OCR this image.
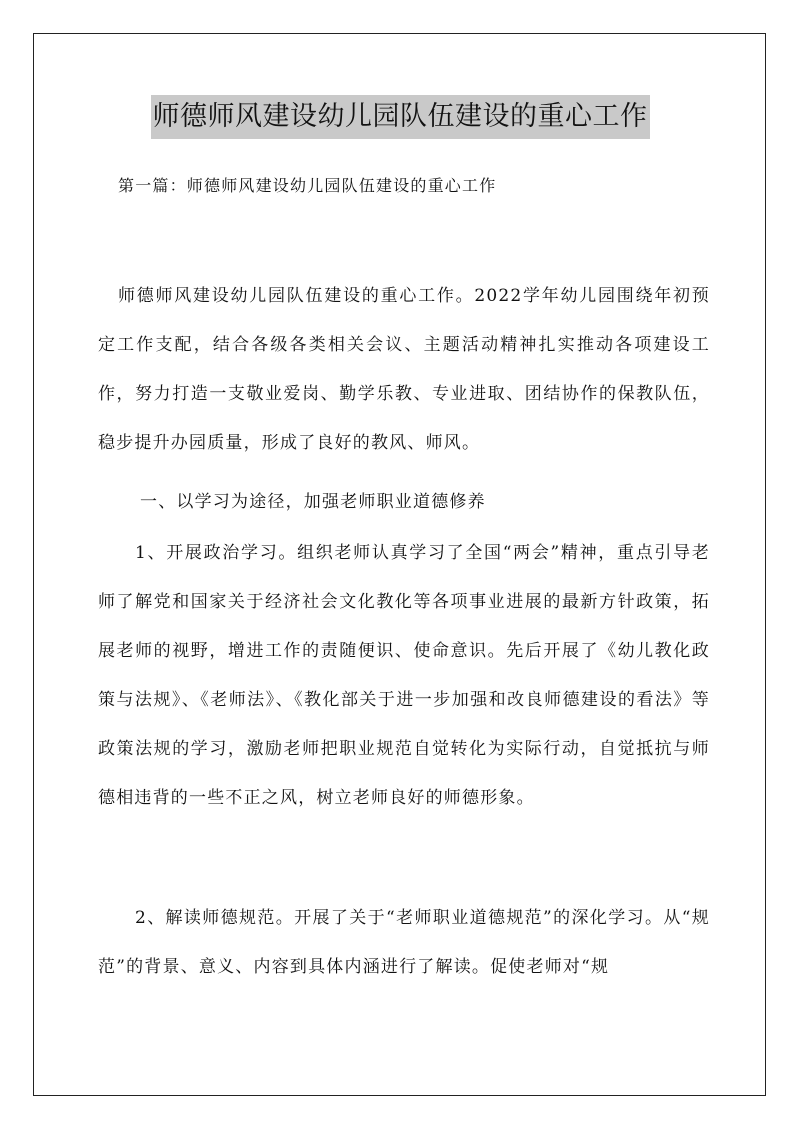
师德师风建设幼儿园队伍建设的重心工作
第一篇：师德师风建设幼儿园队伍建设的重心工作
师德师风建设幼儿园队伍建设的重心工作。2022学年幼儿园围绕年初预定工作支配，结合各级各类相关会议、主题活动精神扎实推动各项建设工作，努力打造一支敬业爱岗、勤学乐教、专业进取、团结协作的保教队伍，稳步提升办园质量，形成了良好的教风、师风。
一、以学习为途径，加强老师职业道德修养
1、开展政治学习。组织老师认真学习了全国“两会”精神，重点引导老师了解党和国家关于经济社会文化教化等各项事业进展的最新方针政策，拓展老师的视野，增进工作的责随便识、使命意识。先后开展了《幼儿教化政策与法规》、《老师法》、《教化部关于进一步加强和改良师德建设的看法》等政策法规的学习，激励老师把职业规范自觉转化为实际行动，自觉抵抗与师德相违背的一些不正之风，树立老师良好的师德形象。
2、解读师德规范。开展了关于“老师职业道德规范”的深化学习。从“规范”的背景、意义、内容到具体内涵进行了解读。促使老师对“规
